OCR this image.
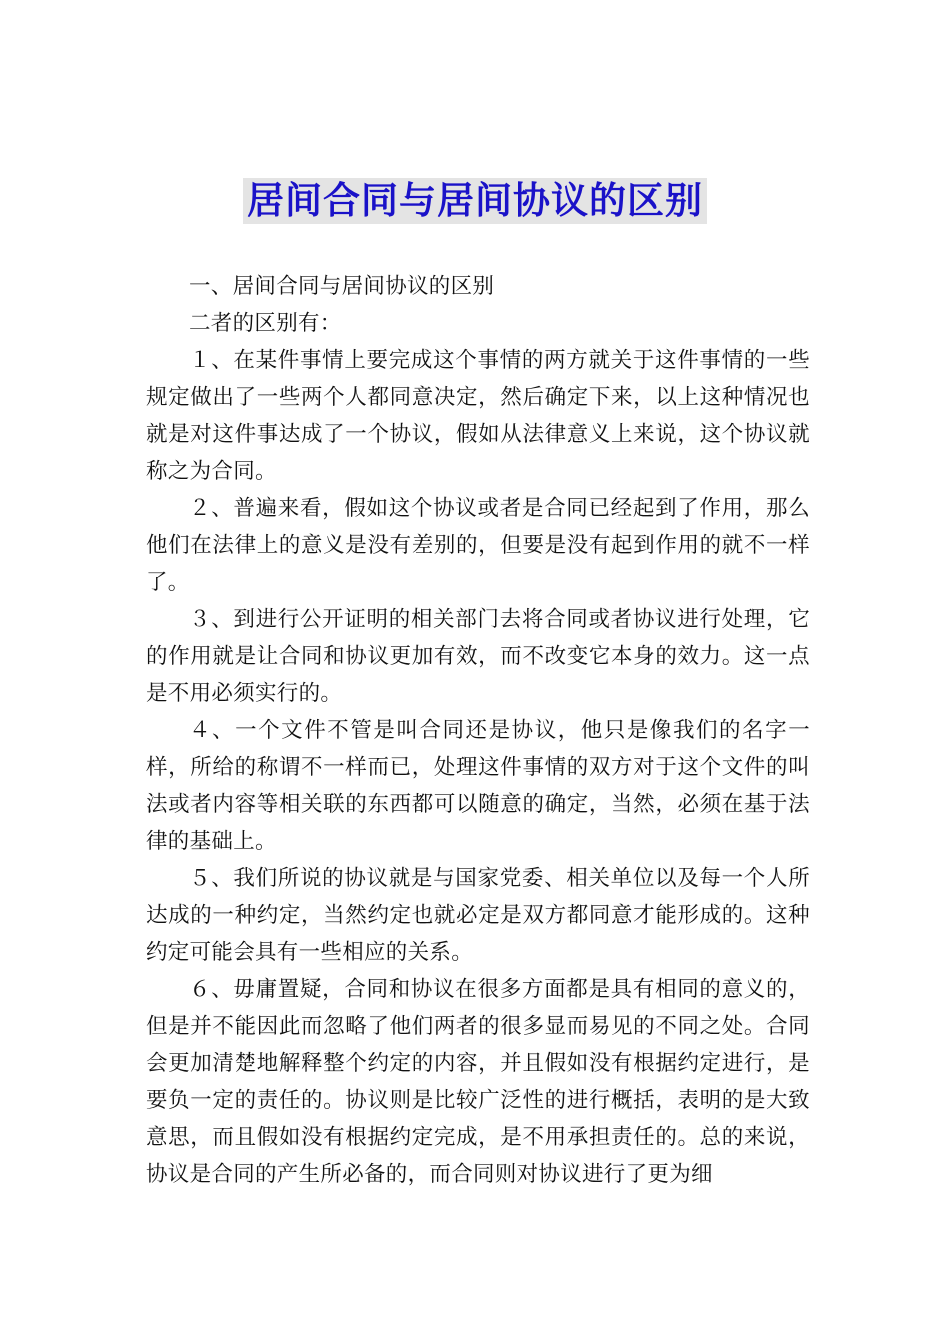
居间合同与居间协议的区别

一、居间合同与居间协议的区别

二者的区别有：

１、在某件事情上要完成这个事情的两方就关于这件事情的一些规定做出了一些两个人都同意决定，然后确定下来，以上这种情况也就是对这件事达成了一个协议，假如从法律意义上来说，这个协议就称之为合同。

２、普遍来看，假如这个协议或者是合同已经起到了作用，那么他们在法律上的意义是没有差别的，但要是没有起到作用的就不一样了。

３、到进行公开证明的相关部门去将合同或者协议进行处理，它的作用就是让合同和协议更加有效，而不改变它本身的效力。这一点是不用必须实行的。

４、一个文件不管是叫合同还是协议，他只是像我们的名字一样，所给的称谓不一样而已，处理这件事情的双方对于这个文件的叫法或者内容等相关联的东西都可以随意的确定，当然，必须在基于法律的基础上。

５、我们所说的协议就是与国家党委、相关单位以及每一个人所达成的一种约定，当然约定也就必定是双方都同意才能形成的。这种约定可能会具有一些相应的关系。

６、毋庸置疑，合同和协议在很多方面都是具有相同的意义的，但是并不能因此而忽略了他们两者的很多显而易见的不同之处。合同会更加清楚地解释整个约定的内容，并且假如没有根据约定进行，是要负一定的责任的。协议则是比较广泛性的进行概括，表明的是大致意思，而且假如没有根据约定完成，是不用承担责任的。总的来说，协议是合同的产生所必备的，而合同则对协议进行了更为细
